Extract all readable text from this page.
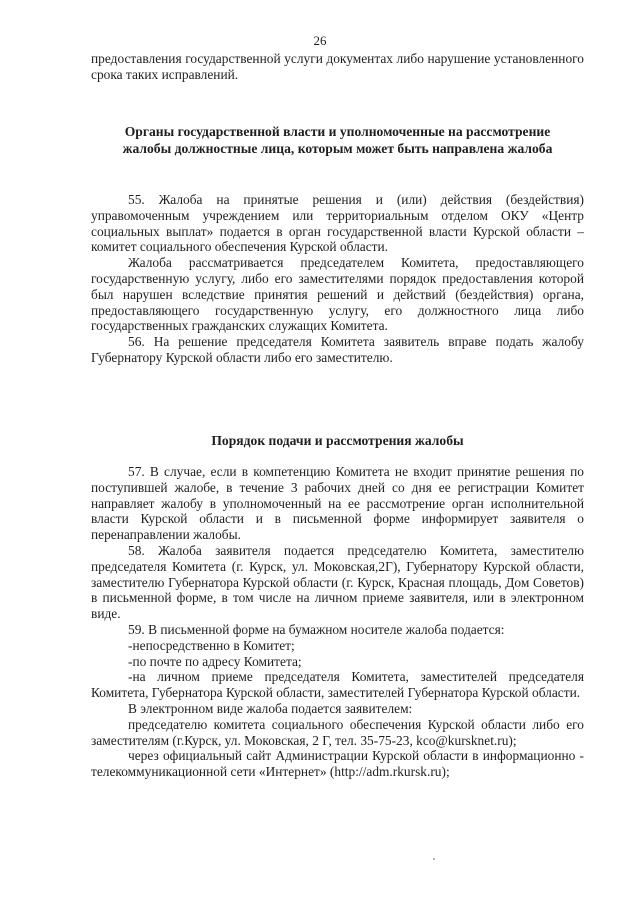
26

предоставления государственной услуги документах либо нарушение установленного срока таких исправлений.

Органы государственной власти и уполномоченные на рассмотрение жалобы должностные лица, которым может быть направлена жалоба

55. Жалоба на принятые решения и (или) действия (бездействия) управомоченным учреждением или территориальным отделом ОКУ «Центр социальных выплат» подается в орган государственной власти Курской области – комитет социального обеспечения Курской области.

Жалоба рассматривается председателем Комитета, предоставляющего государственную услугу, либо его заместителями порядок предоставления которой был нарушен вследствие принятия решений и действий (бездействия) органа, предоставляющего государственную услугу, его должностного лица либо государственных гражданских служащих Комитета.

56. На решение председателя Комитета заявитель вправе подать жалобу Губернатору Курской области либо его заместителю.

Порядок подачи и рассмотрения жалобы

57. В случае, если в компетенцию Комитета не входит принятие решения по поступившей жалобе, в течение 3 рабочих дней со дня ее регистрации Комитет направляет жалобу в уполномоченный на ее рассмотрение орган исполнительной власти Курской области и в письменной форме информирует заявителя о перенаправлении жалобы.

58. Жалоба заявителя подается председателю Комитета, заместителю председателя Комитета (г. Курск, ул. Моковская,2Г), Губернатору Курской области, заместителю Губернатора Курской области (г. Курск, Красная площадь, Дом Советов) в письменной форме, в том числе на личном приеме заявителя, или в электронном виде.

59. В письменной форме на бумажном носителе жалоба подается:

-непосредственно в Комитет;

-по почте по адресу Комитета;

-на личном приеме председателя Комитета, заместителей председателя Комитета, Губернатора Курской области, заместителей Губернатора Курской области.

В электронном виде жалоба подается заявителем:

председателю комитета социального обеспечения Курской области либо его заместителям (г.Курск, ул. Моковская, 2 Г, тел. 35-75-23, kco@kursknet.ru);

через официальный сайт Администрации Курской области в информационно - телекоммуникационной сети «Интернет» (http://adm.rkursk.ru);
